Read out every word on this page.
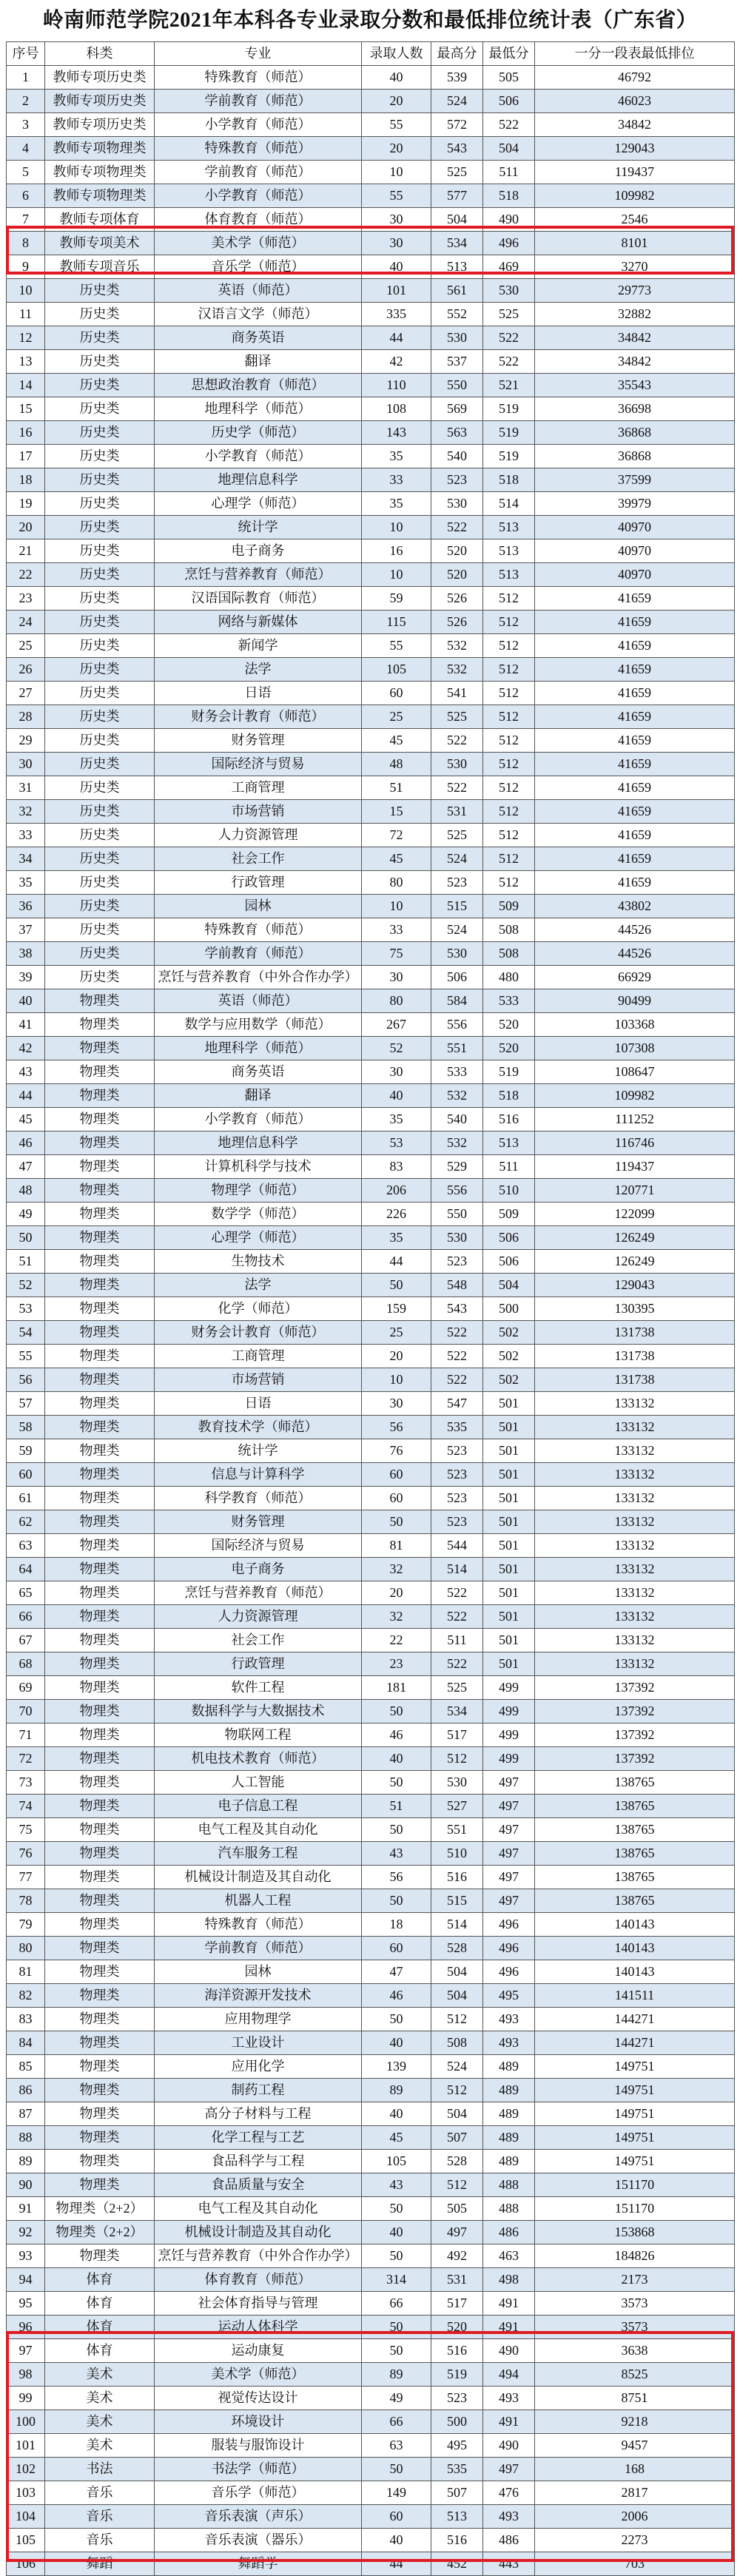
岭南师范学院2021年本科各专业录取分数和最低排位统计表（广东省）
序号	科类	专业	录取人数	最高分	最低分	一分一段表最低排位
1	教师专项历史类	特殊教育（师范）	40	539	505	46792
2	教师专项历史类	学前教育（师范）	20	524	506	46023
3	教师专项历史类	小学教育（师范）	55	572	522	34842
4	教师专项物理类	特殊教育（师范）	20	543	504	129043
5	教师专项物理类	学前教育（师范）	10	525	511	119437
6	教师专项物理类	小学教育（师范）	55	577	518	109982
7	教师专项体育	体育教育（师范）	30	504	490	2546
8	教师专项美术	美术学（师范）	30	534	496	8101
9	教师专项音乐	音乐学（师范）	40	513	469	3270
10	历史类	英语（师范）	101	561	530	29773
11	历史类	汉语言文学（师范）	335	552	525	32882
12	历史类	商务英语	44	530	522	34842
13	历史类	翻译	42	537	522	34842
14	历史类	思想政治教育（师范）	110	550	521	35543
15	历史类	地理科学（师范）	108	569	519	36698
16	历史类	历史学（师范）	143	563	519	36868
17	历史类	小学教育（师范）	35	540	519	36868
18	历史类	地理信息科学	33	523	518	37599
19	历史类	心理学（师范）	35	530	514	39979
20	历史类	统计学	10	522	513	40970
21	历史类	电子商务	16	520	513	40970
22	历史类	烹饪与营养教育（师范）	10	520	513	40970
23	历史类	汉语国际教育（师范）	59	526	512	41659
24	历史类	网络与新媒体	115	526	512	41659
25	历史类	新闻学	55	532	512	41659
26	历史类	法学	105	532	512	41659
27	历史类	日语	60	541	512	41659
28	历史类	财务会计教育（师范）	25	525	512	41659
29	历史类	财务管理	45	522	512	41659
30	历史类	国际经济与贸易	48	530	512	41659
31	历史类	工商管理	51	522	512	41659
32	历史类	市场营销	15	531	512	41659
33	历史类	人力资源管理	72	525	512	41659
34	历史类	社会工作	45	524	512	41659
35	历史类	行政管理	80	523	512	41659
36	历史类	园林	10	515	509	43802
37	历史类	特殊教育（师范）	33	524	508	44526
38	历史类	学前教育（师范）	75	530	508	44526
39	历史类	烹饪与营养教育（中外合作办学）	30	506	480	66929
40	物理类	英语（师范）	80	584	533	90499
41	物理类	数学与应用数学（师范）	267	556	520	103368
42	物理类	地理科学（师范）	52	551	520	107308
43	物理类	商务英语	30	533	519	108647
44	物理类	翻译	40	532	518	109982
45	物理类	小学教育（师范）	35	540	516	111252
46	物理类	地理信息科学	53	532	513	116746
47	物理类	计算机科学与技术	83	529	511	119437
48	物理类	物理学（师范）	206	556	510	120771
49	物理类	数学学（师范）	226	550	509	122099
50	物理类	心理学（师范）	35	530	506	126249
51	物理类	生物技术	44	523	506	126249
52	物理类	法学	50	548	504	129043
53	物理类	化学（师范）	159	543	500	130395
54	物理类	财务会计教育（师范）	25	522	502	131738
55	物理类	工商管理	20	522	502	131738
56	物理类	市场营销	10	522	502	131738
57	物理类	日语	30	547	501	133132
58	物理类	教育技术学（师范）	56	535	501	133132
59	物理类	统计学	76	523	501	133132
60	物理类	信息与计算科学	60	523	501	133132
61	物理类	科学教育（师范）	60	523	501	133132
62	物理类	财务管理	50	523	501	133132
63	物理类	国际经济与贸易	81	544	501	133132
64	物理类	电子商务	32	514	501	133132
65	物理类	烹饪与营养教育（师范）	20	522	501	133132
66	物理类	人力资源管理	32	522	501	133132
67	物理类	社会工作	22	511	501	133132
68	物理类	行政管理	23	522	501	133132
69	物理类	软件工程	181	525	499	137392
70	物理类	数据科学与大数据技术	50	534	499	137392
71	物理类	物联网工程	46	517	499	137392
72	物理类	机电技术教育（师范）	40	512	499	137392
73	物理类	人工智能	50	530	497	138765
74	物理类	电子信息工程	51	527	497	138765
75	物理类	电气工程及其自动化	50	551	497	138765
76	物理类	汽车服务工程	43	510	497	138765
77	物理类	机械设计制造及其自动化	56	516	497	138765
78	物理类	机器人工程	50	515	497	138765
79	物理类	特殊教育（师范）	18	514	496	140143
80	物理类	学前教育（师范）	60	528	496	140143
81	物理类	园林	47	504	496	140143
82	物理类	海洋资源开发技术	46	504	495	141511
83	物理类	应用物理学	50	512	493	144271
84	物理类	工业设计	40	508	493	144271
85	物理类	应用化学	139	524	489	149751
86	物理类	制药工程	89	512	489	149751
87	物理类	高分子材料与工程	40	504	489	149751
88	物理类	化学工程与工艺	45	507	489	149751
89	物理类	食品科学与工程	105	528	489	149751
90	物理类	食品质量与安全	43	512	488	151170
91	物理类（2+2）	电气工程及其自动化	50	505	488	151170
92	物理类（2+2）	机械设计制造及其自动化	40	497	486	153868
93	物理类	烹饪与营养教育（中外合作办学）	50	492	463	184826
94	体育	体育教育（师范）	314	531	498	2173
95	体育	社会体育指导与管理	66	517	491	3573
96	体育	运动人体科学	50	520	491	3573
97	体育	运动康复	50	516	490	3638
98	美术	美术学（师范）	89	519	494	8525
99	美术	视觉传达设计	49	523	493	8751
100	美术	环境设计	66	500	491	9218
101	美术	服装与服饰设计	63	495	490	9457
102	书法	书法学（师范）	50	535	497	168
103	音乐	音乐学（师范）	149	507	476	2817
104	音乐	音乐表演（声乐）	60	513	493	2006
105	音乐	音乐表演（器乐）	40	516	486	2273
106	舞蹈	舞蹈学	44	452	443	703
